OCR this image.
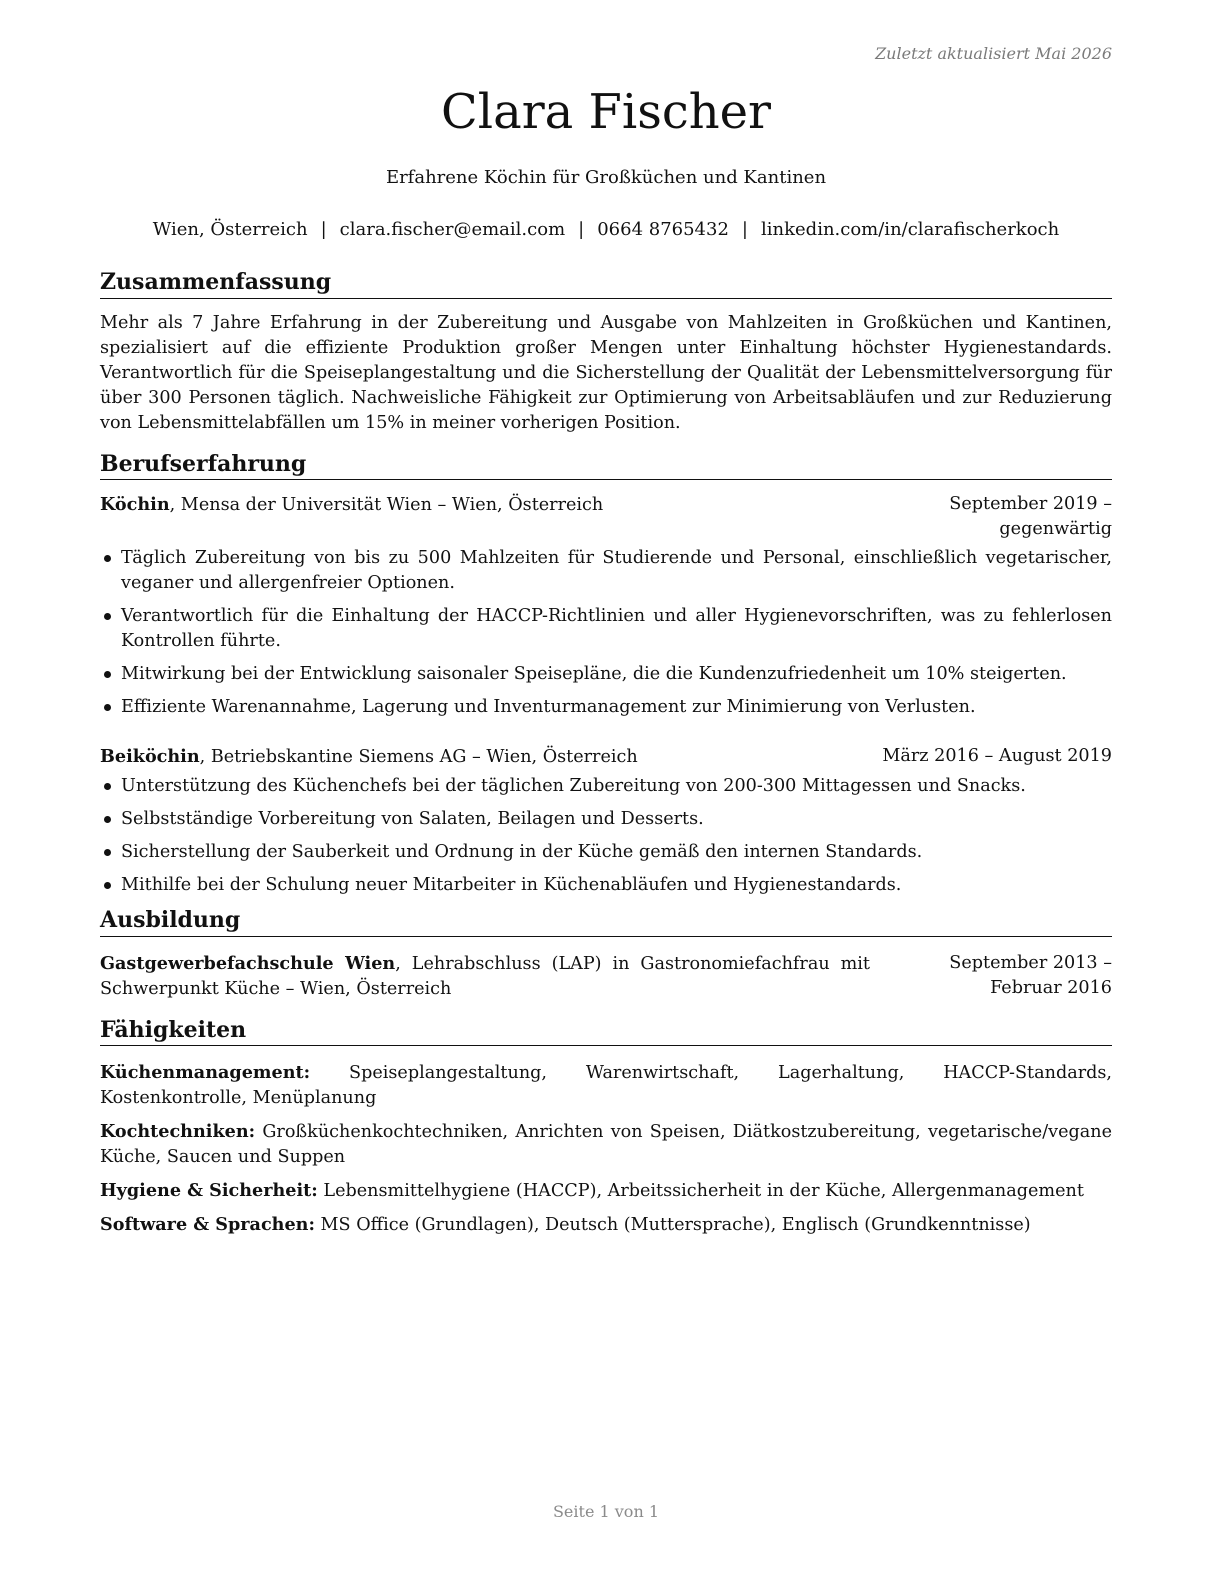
Zuletzt aktualisiert Mai 2026
Clara Fischer
Erfahrene Köchin für Großküchen und Kantinen
Wien, Österreich | clara.fischer@email.com | 0664 8765432 | linkedin.com/in/clarafischerkoch
Zusammenfassung

Mehr als 7 Jahre Erfahrung in der Zubereitung und Ausgabe von Mahlzeiten in Großküchen und Kantinen, spezialisiert auf die effiziente Produktion großer Mengen unter Einhaltung höchster Hygienestandards. Verantwortlich für die Speiseplangestaltung und die Sicherstellung der Qualität der Lebensmittelversorgung für über 300 Personen täglich. Nachweisliche Fähigkeit zur Optimierung von Arbeitsabläufen und zur Reduzierung von Lebensmittelabfällen um 15% in meiner vorherigen Position.

Berufserfahrung
Köchin, Mensa der Universität Wien – Wien, Österreich	September 2019 – gegenwärtig
Täglich Zubereitung von bis zu 500 Mahlzeiten für Studierende und Personal, einschließlich vegetarischer, veganer und allergenfreier Optionen.
Verantwortlich für die Einhaltung der HACCP-Richtlinien und aller Hygienevorschriften, was zu fehlerlosen Kontrollen führte.
Mitwirkung bei der Entwicklung saisonaler Speisepläne, die die Kundenzufriedenheit um 10% steigerten.
Effiziente Warenannahme, Lagerung und Inventurmanagement zur Minimierung von Verlusten.
Beiköchin, Betriebskantine Siemens AG – Wien, Österreich	März 2016 – August 2019
Unterstützung des Küchenchefs bei der täglichen Zubereitung von 200-300 Mittagessen und Snacks.
Selbstständige Vorbereitung von Salaten, Beilagen und Desserts.
Sicherstellung der Sauberkeit und Ordnung in der Küche gemäß den internen Standards.
Mithilfe bei der Schulung neuer Mitarbeiter in Küchenabläufen und Hygienestandards.
Ausbildung
Gastgewerbefachschule Wien, Lehrabschluss (LAP) in Gastronomiefachfrau mit Schwerpunkt Küche – Wien, Österreich
September 2013 – Februar 2016
Fähigkeiten

Küchenmanagement: Speiseplangestaltung, Warenwirtschaft, Lagerhaltung, HACCP-Standards, Kostenkontrolle, Menüplanung

Kochtechniken: Großküchenkochtechniken, Anrichten von Speisen, Diätkostzubereitung, vegetarische/vegane Küche, Saucen und Suppen

Hygiene & Sicherheit: Lebensmittelhygiene (HACCP), Arbeitssicherheit in der Küche, Allergenmanagement

Software & Sprachen: MS Office (Grundlagen), Deutsch (Muttersprache), Englisch (Grundkenntnisse)

Seite 1 von 1
